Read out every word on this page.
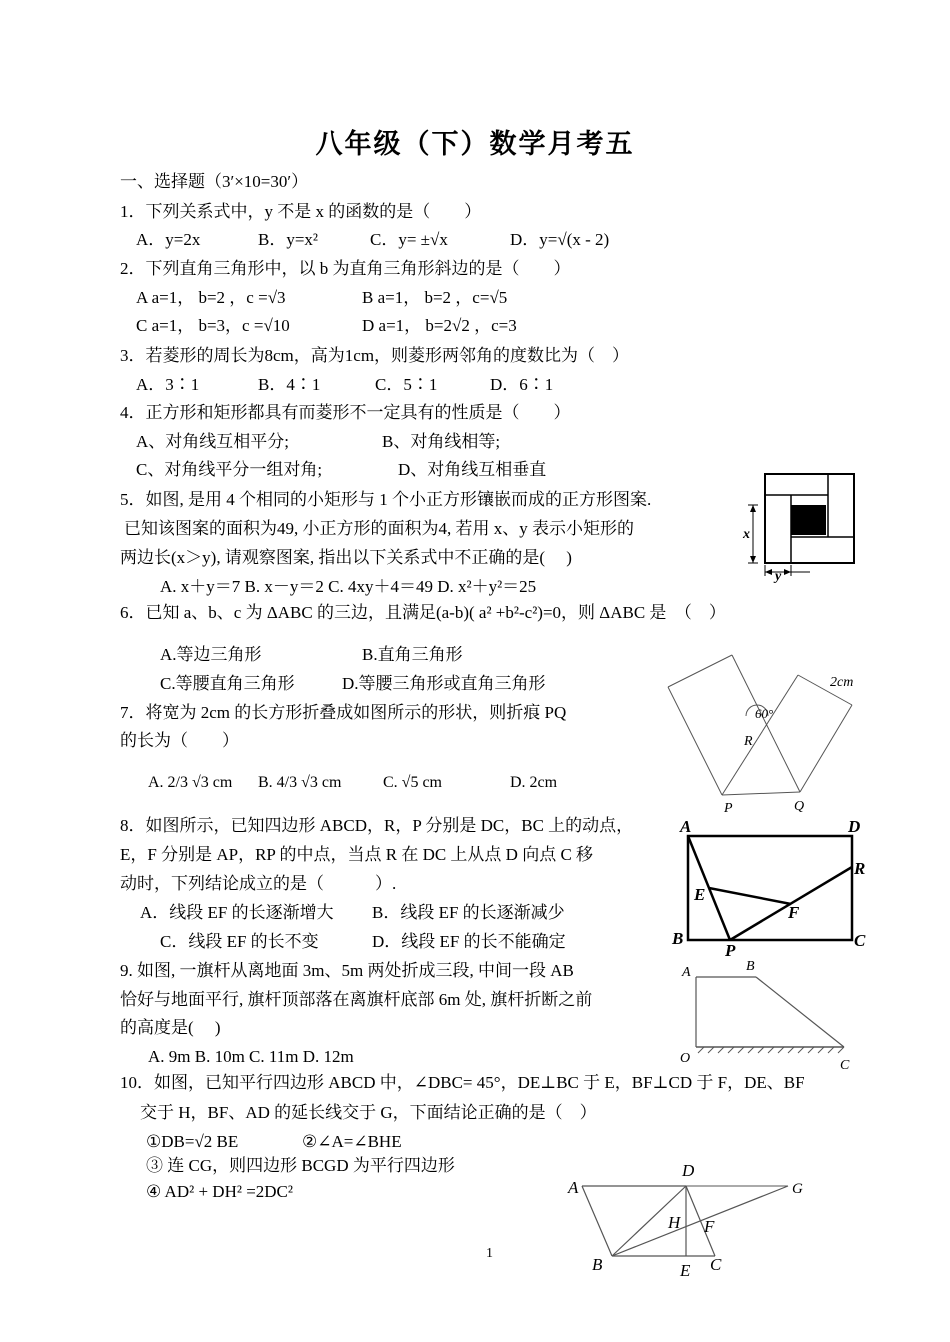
八年级（下）数学月考五
一、选择题（3′×10=30′）
1．下列关系式中，y 不是 x 的函数的是（　　）
A．y=2x	B．y=x²	C．y= ±√x	D．y=√(x - 2)
2．下列直角三角形中，以 b 为直角三角形斜边的是（　　）
A a=1， b=2 ，c =√3	B a=1， b=2 ，c=√5
C a=1， b=3，c =√10	D a=1， b=2√2 ，c=3
3．若菱形的周长为8cm，高为1cm，则菱形两邻角的度数比为（　）
A．3∶1	B．4∶1	C．5∶1	D．6∶1
4．正方形和矩形都具有而菱形不一定具有的性质是（　　）
A、对角线互相平分;	B、对角线相等;
C、对角线平分一组对角;	D、对角线互相垂直
5．如图, 是用 4 个相同的小矩形与 1 个小正方形镶嵌而成的正方形图案.
已知该图案的面积为49, 小正方形的面积为4, 若用 x、y 表示小矩形的
两边长(x＞y), 请观察图案, 指出以下关系式中不正确的是(　 )
A. x＋y＝7 B. x－y＝2 C. 4xy＋4＝49 D. x²＋y²＝25
x
y
6．已知 a、b、c 为 ΔABC 的三边，且满足(a-b)( a² +b²-c²)=0，则 ΔABC 是　（　）
A.等边三角形	B.直角三角形
C.等腰直角三角形	D.等腰三角形或直角三角形
7．将宽为 2cm 的长方形折叠成如图所示的形状，则折痕 PQ
的长为（　　）
A. 2/3 √3 cm B. 4/3 √3 cm	C. √5 cm	D. 2cm
2cm
60°
R
P	Q
8．如图所示，已知四边形 ABCD，R，P 分别是 DC，BC 上的动点，
E，F 分别是 AP，RP 的中点，当点 R 在 DC 上从点 D 向点 C 移
动时，下列结论成立的是（　　　）.
A．线段 EF 的长逐渐增大 B．线段 EF 的长逐渐减少
C．线段 EF 的长不变	D．线段 EF 的长不能确定
A	D
R
E
F
B
P
C
9. 如图, 一旗杆从离地面 3m、5m 两处折成三段, 中间一段 AB
恰好与地面平行, 旗杆顶部落在离旗杆底部 6m 处, 旗杆折断之前
的高度是(　 )
A. 9m B. 10m C. 11m D. 12m
A	B
O	C
10．如图，已知平行四边形 ABCD 中，∠DBC= 45°，DE⊥BC 于 E，BF⊥CD 于 F，DE、BF
交于 H，BF、AD 的延长线交于 G，下面结论正确的是（　）
①DB=√2 BE	②∠A=∠BHE
③ 连 CG，则四边形 BCGD 为平行四边形
④ AD² + DH² =2DC²	A
D
G
H F
B	E C
1
